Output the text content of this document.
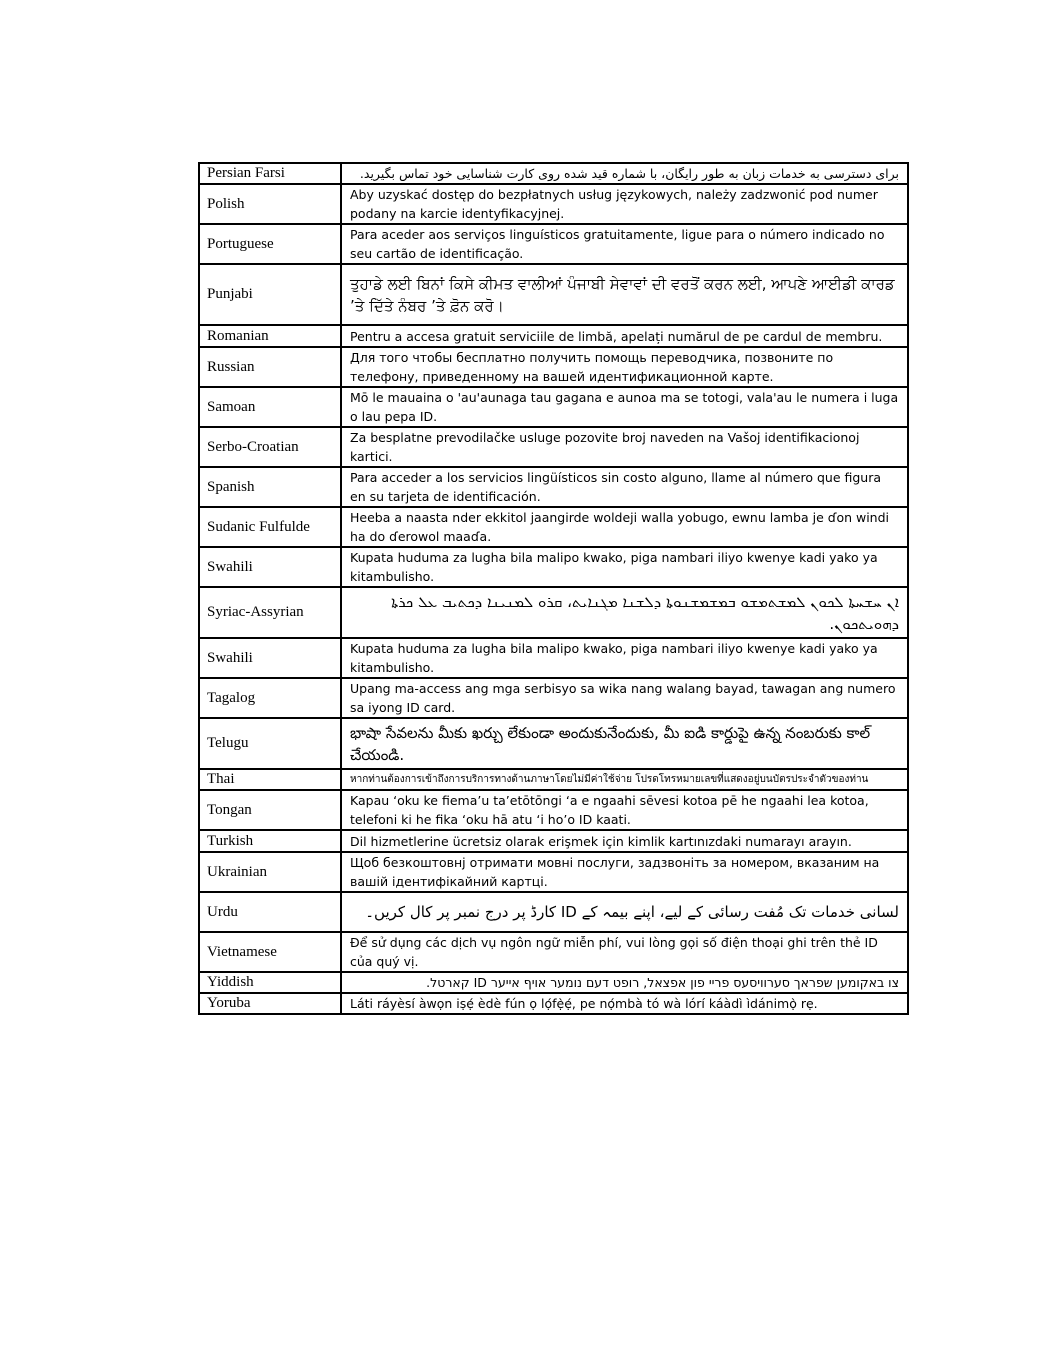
Persian Farsi	برای دسترسی به خدمات زبان به طور رایگان، با شماره قید شده روی کارت شناسایی خود تماس بگیرید.
Polish	Aby uzyskać dostęp do bezpłatnych usług językowych, należy zadzwonić pod numer podany na karcie identyfikacyjnej.
Portuguese	Para aceder aos serviços linguísticos gratuitamente, ligue para o número indicado no seu cartão de identificação.
Punjabi	ਤੁਹਾਡੇ ਲਈ ਬਿਨਾਂ ਕਿਸੇ ਕੀਮਤ ਵਾਲੀਆਂ ਪੰਜਾਬੀ ਸੇਵਾਵਾਂ ਦੀ ਵਰਤੋਂ ਕਰਨ ਲਈ, ਆਪਣੇ ਆਈਡੀ ਕਾਰਡ ’ਤੇ ਦਿੱਤੇ ਨੰਬਰ ’ਤੇ ਫ਼ੋਨ ਕਰੋ।
Romanian	Pentru a accesa gratuit serviciile de limbă, apelați numărul de pe cardul de membru.
Russian	Для того чтобы бесплатно получить помощь переводчика, позвоните по телефону, приведенному на вашей идентификационной карте.
Samoan	Mō le mauaina o 'au'aunaga tau gagana e aunoa ma se totogi, vala'au le numera i luga o lau pepa ID.
Serbo-Croatian	Za besplatne prevodilačke usluge pozovite broj naveden na Vašoj identifikacionoj kartici.
Spanish	Para acceder a los servicios lingüísticos sin costo alguno, llame al número que figura en su tarjeta de identificación.
Sudanic Fulfulde	Heeba a naasta nder ekkitol jaangirde woldeji walla yobugo, ewnu lamba je ɗon windi ha do ɗerowol maaɗa.
Swahili	Kupata huduma za lugha bila malipo kwako, piga nambari iliyo kwenye kadi yako ya kitambulisho.
Syriac-Assyrian	ܐܢ ܚܫܚܬܐ ܠܟܘܢ ܠܡܫܬܡܫܘ ܒܡܫܡܫܢܘܬܐ ܕܠܫܢܐ ܡܓܢܐܝܬ، ܩܪܘ ܠܡܢܝܢܐ ܕܟܬܝܒ ܥܠ ܟܪܬܐ ܕܗܘܝܬܟܘܢ.
Swahili	Kupata huduma za lugha bila malipo kwako, piga nambari iliyo kwenye kadi yako ya kitambulisho.
Tagalog	Upang ma-access ang mga serbisyo sa wika nang walang bayad, tawagan ang numero sa iyong ID card.
Telugu	భాషా సేవలను మీకు ఖర్చు లేకుండా అందుకునేందుకు, మీ ఐడి కార్డుపై ఉన్న నంబరుకు కాల్ చేయండి.
Thai	หากท่านต้องการเข้าถึงการบริการทางด้านภาษาโดยไม่มีค่าใช้จ่าย โปรดโทรหมายเลขที่แสดงอยู่บนบัตรประจำตัวของท่าน
Tongan	Kapau ‘oku ke fiema’u ta’etōtōngi ‘a e ngaahi sēvesi kotoa pē he ngaahi lea kotoa, telefoni ki he fika ‘oku hā atu ‘i ho’o ID kaati.
Turkish	Dil hizmetlerine ücretsiz olarak erişmek için kimlik kartınızdaki numarayı arayın.
Ukrainian	Щоб безкоштовнј отримати мовні послуги, задзвоніть за номером, вказаним на вашій ідентифікайний картці.
Urdu	لسانی خدمات تک مُفت رسائی کے لیے، اپنے بیمہ کے ID کارڈ پر درج نمبر پر کال کریں۔
Vietnamese	Để sử dụng các dịch vụ ngôn ngữ miễn phí, vui lòng gọi số điện thoại ghi trên thẻ ID của quý vị.
Yiddish	צו באקומען שפראך סערוויסעס פריי פון אפצאל, רופט דעם נומער אויף אייער ID קארטל.
Yoruba	Láti ráyèsí àwọn iṣẹ́ èdè fún ọ lọ́fẹ̀ẹ́, pe nọ́mbà tó wà lórí káàdì ìdánimọ̀ rẹ.
